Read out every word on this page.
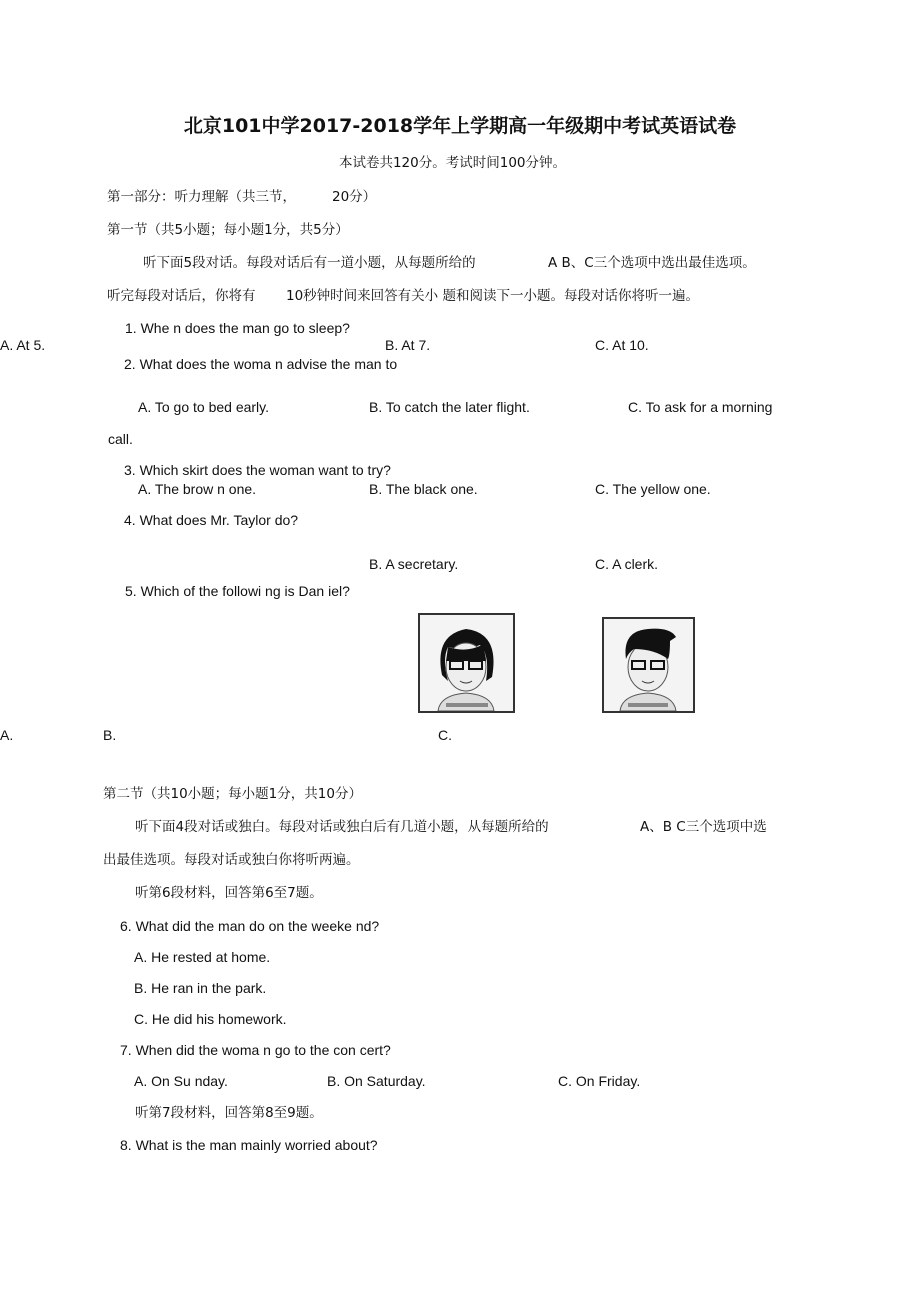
北京101中学2017-2018学年上学期高一年级期中考试英语试卷
本试卷共120分。考试时间100分钟。
第一部分：听力理解（共三节，	20分）
第一节（共5小题；每小题1分，共5分）
听下面5段对话。每段对话后有一道小题，从每题所给的	A B、C三个选项中选出最佳选项。
听完每段对话后，你将有 10秒钟时间来回答有关小 题和阅读下一小题。每段对话你将听一遍。
1. Whe n does the man go to sleep?
A. At 5.	B. At 7.	C. At 10.
2. What does the woma n advise the man to
A. To go to bed early.	B. To catch the later flight.	C. To ask for a morning
call.
3. Which skirt does the woman want to try?
A. The brow n one.	B. The black one.	C. The yellow one.
4. What does Mr. Taylor do?
B. A secretary.	C. A clerk.
5. Which of the followi ng is Dan iel?
A.	B.	C.
第二节（共10小题；每小题1分，共10分）
听下面4段对话或独白。每段对话或独白后有几道小题，从每题所给的	A、B C三个选项中选
出最佳选项。每段对话或独白你将听两遍。
听第6段材料，回答第6至7题。
6. What did the man do on the weeke nd?
A. He rested at home.
B. He ran in the park.
C. He did his homework.
7. When did the woma n go to the con cert?
A. On Su nday.	B. On Saturday.	C. On Friday.
听第7段材料，回答第8至9题。
8. What is the man mainly worried about?
